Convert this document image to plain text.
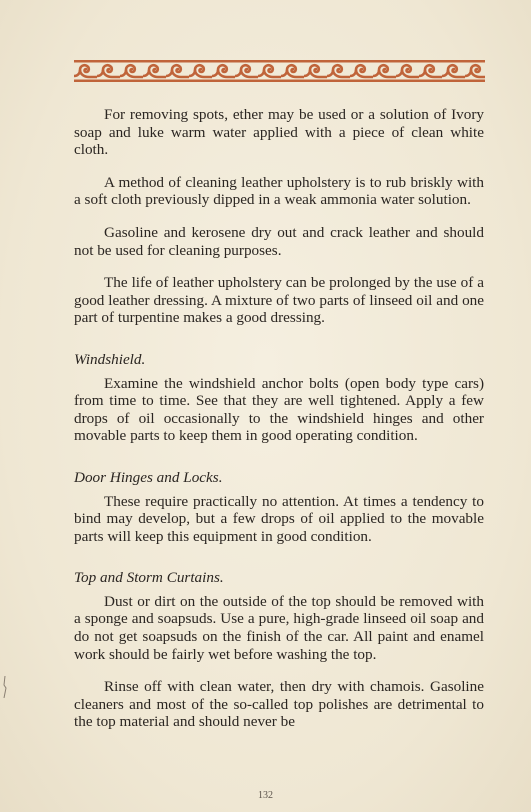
For removing spots, ether may be used or a solution of Ivory soap and luke warm water applied with a piece of clean white cloth.

A method of cleaning leather upholstery is to rub briskly with a soft cloth previously dipped in a weak ammonia water solution.

Gasoline and kerosene dry out and crack leather and should not be used for cleaning purposes.

The life of leather upholstery can be prolonged by the use of a good leather dressing. A mixture of two parts of linseed oil and one part of turpentine makes a good dressing.

Windshield.

Examine the windshield anchor bolts (open body type cars) from time to time. See that they are well tightened. Apply a few drops of oil occasionally to the windshield hinges and other movable parts to keep them in good operating condition.

Door Hinges and Locks.

These require practically no attention. At times a tendency to bind may develop, but a few drops of oil applied to the movable parts will keep this equipment in good condition.

Top and Storm Curtains.

Dust or dirt on the outside of the top should be removed with a sponge and soapsuds. Use a pure, high-grade linseed oil soap and do not get soapsuds on the finish of the car. All paint and enamel work should be fairly wet before washing the top.

Rinse off with clean water, then dry with chamois. Gasoline cleaners and most of the so-called top polishes are detrimental to the top material and should never be

132
